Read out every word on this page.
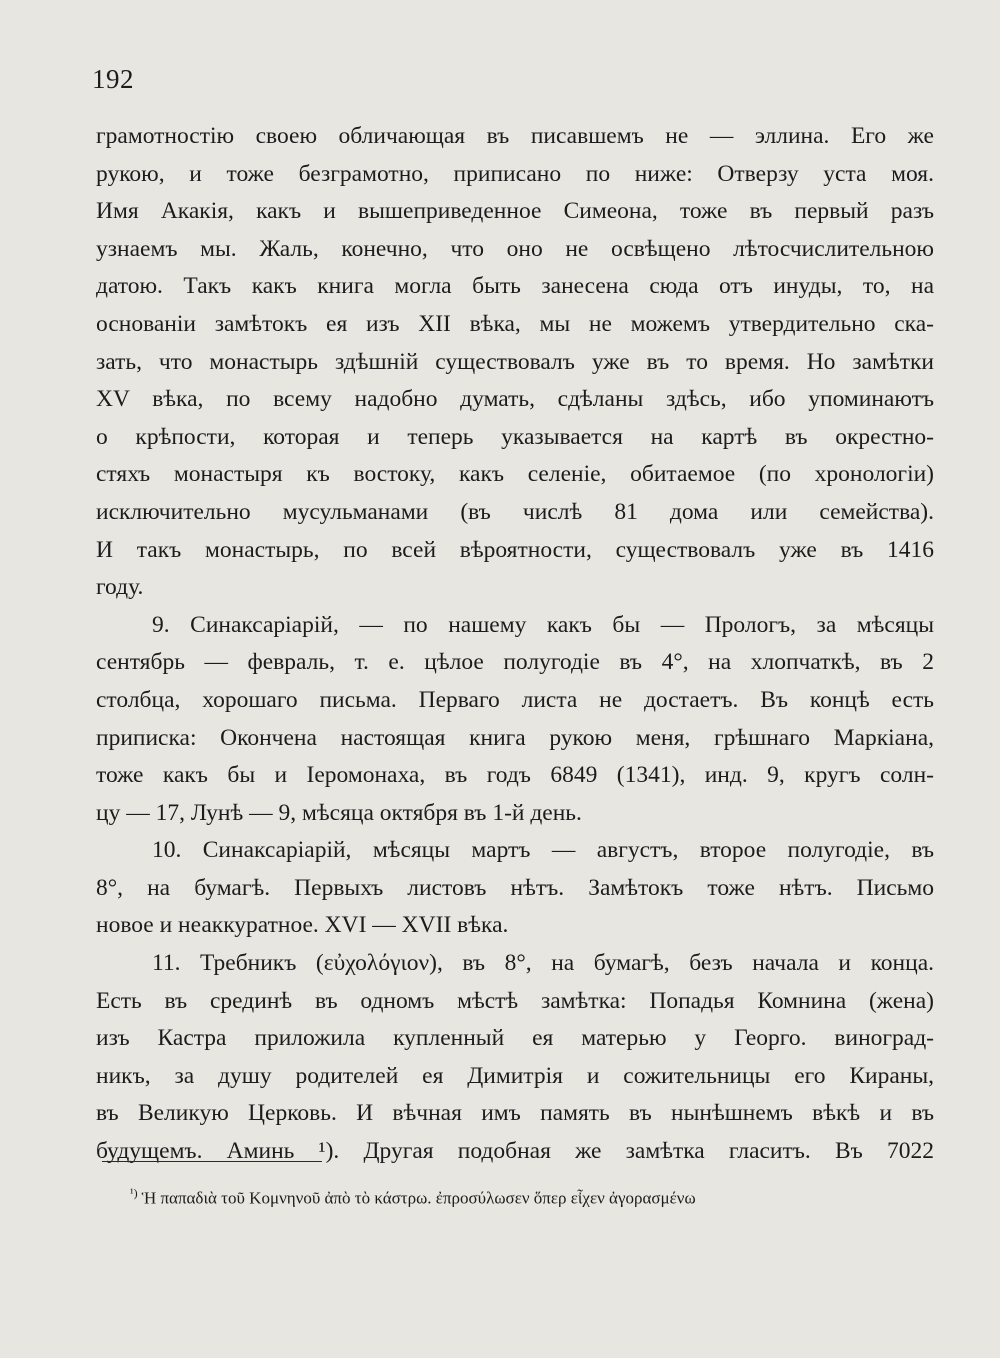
192
грамотностію своею обличающая въ писавшемъ не — эллина. Его же
рукою, и тоже безграмотно, приписано по ниже: Отверзу уста моя.
Имя Акакія, какъ и вышеприведенное Симеона, тоже въ первый разъ
узнаемъ мы. Жаль, конечно, что оно не освѣщено лѣтосчислительною
датою. Такъ какъ книга могла быть занесена сюда отъ инуды, то, на
основаніи замѣтокъ ея изъ XII вѣка, мы не можемъ утвердительно ска-
зать, что монастырь здѣшній существовалъ уже въ то время. Но замѣтки
XV вѣка, по всему надобно думать, сдѣланы здѣсь, ибо упоминаютъ
о крѣпости, которая и теперь указывается на картѣ въ окрестно-
стяхъ монастыря къ востоку, какъ селеніе, обитаемое (по хронологіи)
исключительно мусульманами (въ числѣ 81 дома или семейства).
И такъ монастырь, по всей вѣроятности, существовалъ уже въ 1416
году.
9. Синаксаріарій, — по нашему какъ бы — Прологъ, за мѣсяцы
сентябрь — февраль, т. е. цѣлое полугодіе въ 4°, на хлопчаткѣ, въ 2
столбца, хорошаго письма. Перваго листа не достаетъ. Въ концѣ есть
приписка: Окончена настоящая книга рукою меня, грѣшнаго Маркіана,
тоже какъ бы и Іеромонаха, въ годъ 6849 (1341), инд. 9, кругъ солн-
цу — 17, Лунѣ — 9, мѣсяца октября въ 1-й день.
10. Синаксаріарій, мѣсяцы мартъ — августъ, второе полугодіе, въ
8°, на бумагѣ. Первыхъ листовъ нѣтъ. Замѣтокъ тоже нѣтъ. Письмо
новое и неаккуратное. XVI — XVII вѣка.
11. Требникъ (εὐχολόγιον), въ 8°, на бумагѣ, безъ начала и конца.
Есть въ срединѣ въ одномъ мѣстѣ замѣтка: Попадья Комнина (жена)
изъ Кастра приложила купленный ея матерью у Георго. виноград-
никъ, за душу родителей ея Димитрія и сожительницы его Кираны,
въ Великую Церковь. И вѣчная имъ память въ нынѣшнемъ вѣкѣ и въ
будущемъ. Аминь ¹). Другая подобная же замѣтка гласитъ. Въ 7022
$^{^1)}$ Ἡ παπαδιὰ τοῦ Κομνηνοῦ ἀπὸ τὸ κάστρω. ἐπροσύλωσεν ὅπερ εἶχεν ἀγορασμένω
